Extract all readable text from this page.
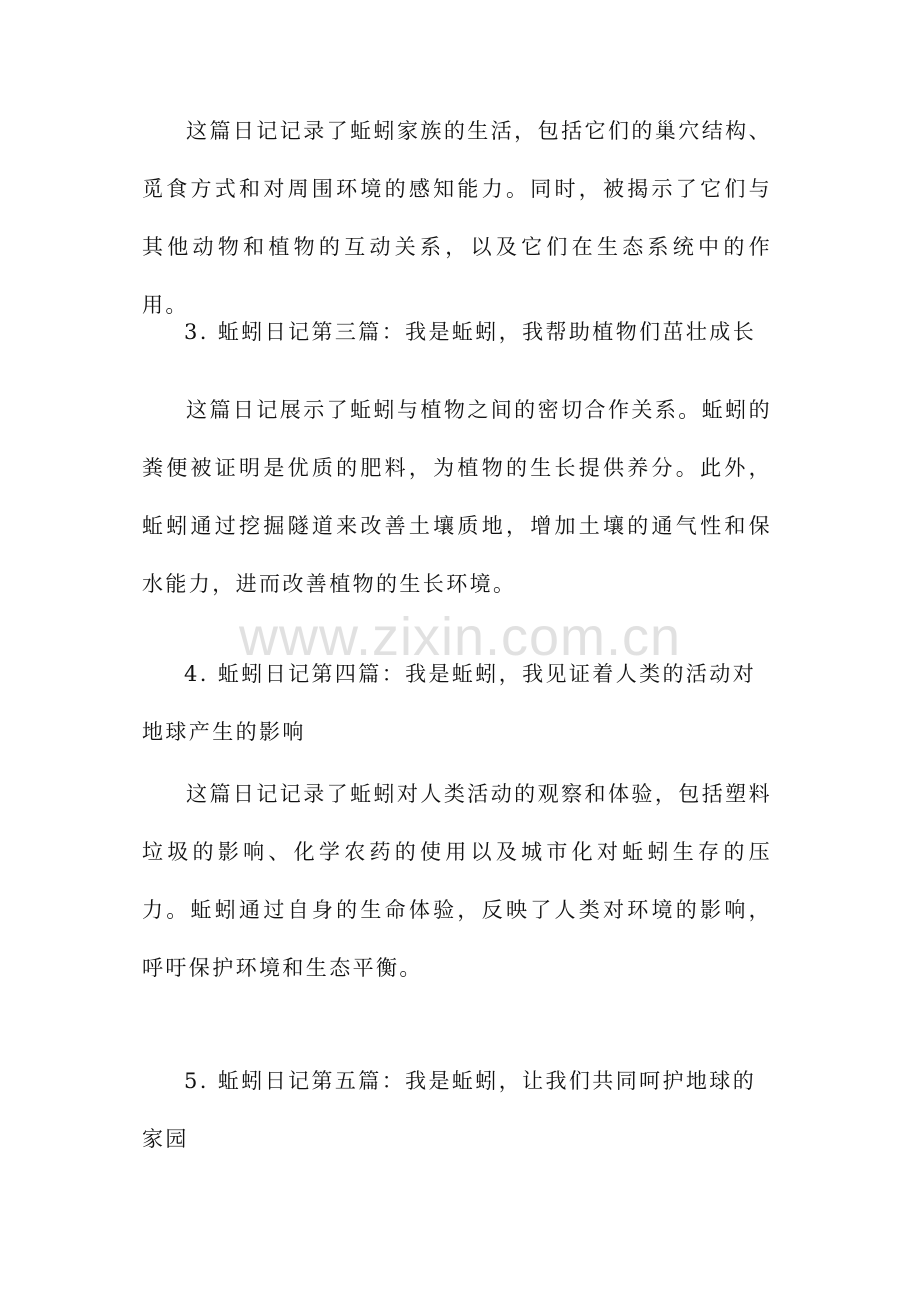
这篇日记记录了蚯蚓家族的生活，包括它们的巢穴结构、觅食方式和对周围环境的感知能力。同时，被揭示了它们与其他动物和植物的互动关系，以及它们在生态系统中的作用。

3. 蚯蚓日记第三篇：我是蚯蚓，我帮助植物们茁壮成长

这篇日记展示了蚯蚓与植物之间的密切合作关系。蚯蚓的粪便被证明是优质的肥料，为植物的生长提供养分。此外，蚯蚓通过挖掘隧道来改善土壤质地，增加土壤的通气性和保水能力，进而改善植物的生长环境。

4. 蚯蚓日记第四篇：我是蚯蚓，我见证着人类的活动对地球产生的影响

这篇日记记录了蚯蚓对人类活动的观察和体验，包括塑料垃圾的影响、化学农药的使用以及城市化对蚯蚓生存的压力。蚯蚓通过自身的生命体验，反映了人类对环境的影响，呼吁保护环境和生态平衡。

5. 蚯蚓日记第五篇：我是蚯蚓，让我们共同呵护地球的家园

www.zixin.com.cn
